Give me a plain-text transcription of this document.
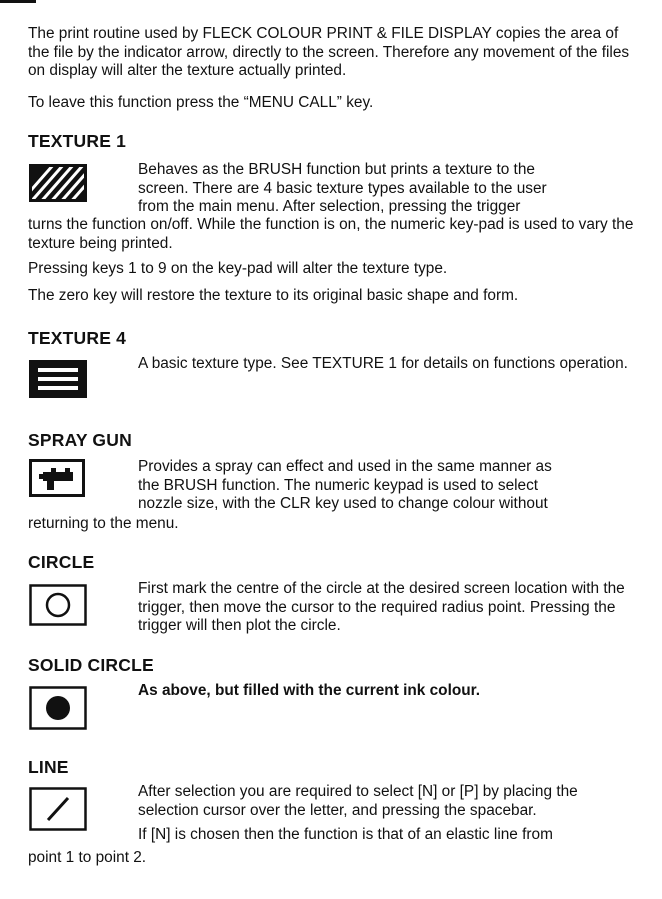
The print routine used by FLECK COLOUR PRINT & FILE DISPLAY copies the area of the file by the indicator arrow, directly to the screen. Therefore any movement of the files on display will alter the texture actually printed.

To leave this function press the “MENU CALL” key.

TEXTURE 1
Behaves as the BRUSH function but prints a texture to the
screen. There are 4 basic texture types available to the user
from the main menu. After selection, pressing the trigger

turns the function on/off. While the function is on, the numeric key-pad is used to vary the texture being printed.

Pressing keys 1 to 9 on the key-pad will alter the texture type.

The zero key will restore the texture to its original basic shape and form.

TEXTURE 4

A basic texture type. See TEXTURE 1 for details on functions operation.

SPRAY GUN
Provides a spray can effect and used in the same manner as
the BRUSH function. The numeric keypad is used to select
nozzle size, with the CLR key used to change colour without

returning to the menu.

CIRCLE

First mark the centre of the circle at the desired screen location with the trigger, then move the cursor to the required radius point. Pressing the trigger will then plot the circle.

SOLID CIRCLE

As above, but filled with the current ink colour.

LINE

After selection you are required to select [N] or [P] by placing the selection cursor over the letter, and pressing the spacebar.

If [N] is chosen then the function is that of an elastic line from

point 1 to point 2.
